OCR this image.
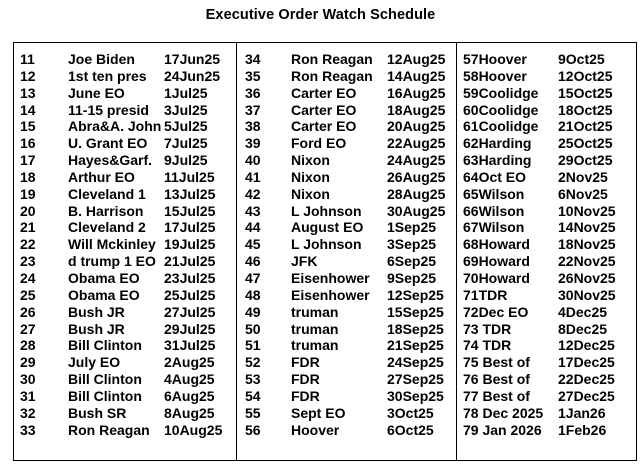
Executive Order Watch Schedule
11 Joe Biden 17Jun25
12 1st ten pres 24Jun25
13 June EO	1Jul25
14 11-15 presid 3Jul25
15 Abra&A. John 5Jul25
16 U. Grant EO 7Jul25
17 Hayes&Garf. 9Jul25
18 Arthur EO 11Jul25
19 Cleveland 1 13Jul25
20 B. Harrison 15Jul25
21 Cleveland 2 17Jul25
22 Will Mckinley 19Jul25
23 d trump 1 EO 21Jul25
24 Obama EO 23Jul25
25 Obama EO 25Jul25
26 Bush JR	27Jul25
27 Bush JR	29Jul25
28 Bill Clinton 31Jul25
29 July EO	2Aug25
30 Bill Clinton 4Aug25
31 Bill Clinton 6Aug25
32 Bush SR	8Aug25
33 Ron Reagan 10Aug25
34 Ron Reagan 12Aug25
35 Ron Reagan 14Aug25
36 Carter EO 16Aug25
37 Carter EO 18Aug25
38 Carter EO 20Aug25
39 Ford EO	22Aug25
40 Nixon	24Aug25
41 Nixon	26Aug25
42 Nixon	28Aug25
43 L Johnson 30Aug25
44 August EO 1Sep25
45 L Johnson 3Sep25
46 JFK	6Sep25
47 Eisenhower 9Sep25
48 Eisenhower 12Sep25
49 truman	15Sep25
50 truman	18Sep25
51 truman	21Sep25
52 FDR	24Sep25
53 FDR	27Sep25
54 FDR	30Sep25
55 Sept EO	3Oct25
56 Hoover	6Oct25
57Hoover 9Oct25
58Hoover 12Oct25
59Coolidge 15Oct25
60Coolidge 18Oct25
61Coolidge 21Oct25
62Harding 25Oct25
63Harding 29Oct25
64Oct EO 2Nov25
65Wilson 6Nov25
66Wilson 10Nov25
67Wilson 14Nov25
68Howard 18Nov25
69Howard 22Nov25
70Howard 26Nov25
71TDR	30Nov25
72Dec EO 4Dec25
73 TDR	8Dec25
74 TDR	12Dec25
75 Best of 17Dec25
76 Best of 22Dec25
77 Best of 27Dec25
78 Dec 2025 1Jan26
79 Jan 2026 1Feb26
